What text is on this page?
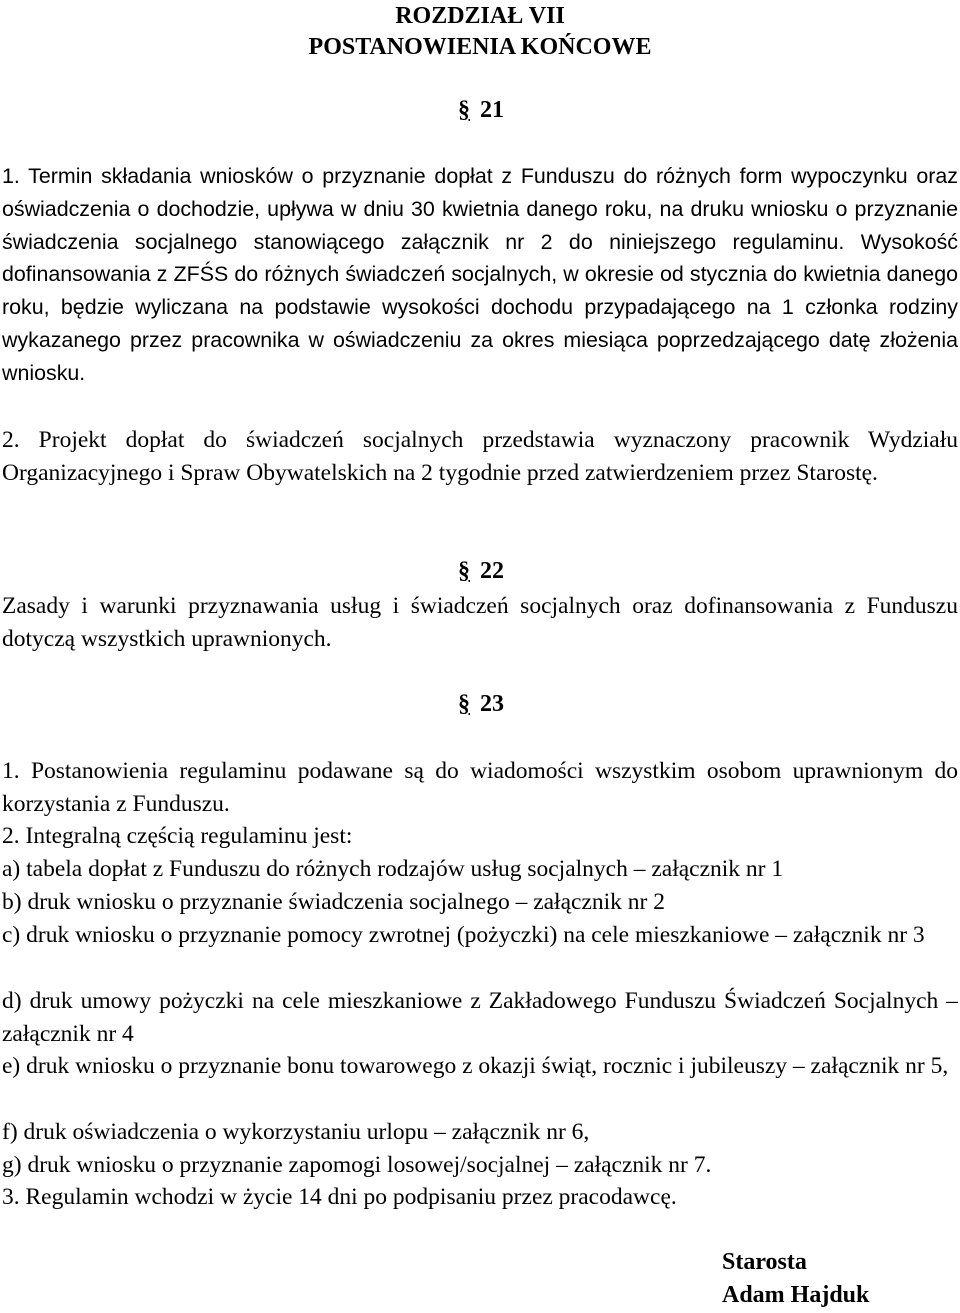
ROZDZIAŁ VII
POSTANOWIENIA KOŃCOWE
§ 21
1. Termin składania wniosków o przyznanie dopłat z Funduszu do różnych form wypoczynku oraz oświadczenia o dochodzie, upływa w dniu 30 kwietnia danego roku, na druku wniosku o przyznanie świadczenia socjalnego stanowiącego załącznik nr 2 do niniejszego regulaminu. Wysokość dofinansowania z ZFŚS do różnych świadczeń socjalnych, w okresie od stycznia do kwietnia danego roku, będzie wyliczana na podstawie wysokości dochodu przypadającego na 1 członka rodziny wykazanego przez pracownika w oświadczeniu za okres miesiąca poprzedzającego datę złożenia wniosku.
2. Projekt dopłat do świadczeń socjalnych przedstawia wyznaczony pracownik Wydziału Organizacyjnego i Spraw Obywatelskich na 2 tygodnie przed zatwierdzeniem przez Starostę.
§ 22
Zasady i warunki przyznawania usług i świadczeń socjalnych oraz dofinansowania z Funduszu dotyczą wszystkich uprawnionych.
§ 23
1. Postanowienia regulaminu podawane są do wiadomości wszystkim osobom uprawnionym do korzystania z Funduszu.
2. Integralną częścią regulaminu jest:
a) tabela dopłat z Funduszu do różnych rodzajów usług socjalnych – załącznik nr 1
b) druk wniosku o przyznanie świadczenia socjalnego – załącznik nr 2
c) druk wniosku o przyznanie pomocy zwrotnej (pożyczki) na cele mieszkaniowe – załącznik nr 3
d) druk umowy pożyczki na cele mieszkaniowe z Zakładowego Funduszu Świadczeń Socjalnych – załącznik nr 4
e) druk wniosku o przyznanie bonu towarowego z okazji świąt, rocznic i jubileuszy – załącznik nr 5,
f) druk oświadczenia o wykorzystaniu urlopu – załącznik nr 6,
g) druk wniosku o przyznanie zapomogi losowej/socjalnej – załącznik nr 7.
3. Regulamin wchodzi w życie 14 dni po podpisaniu przez pracodawcę.
Starosta
Adam Hajduk
